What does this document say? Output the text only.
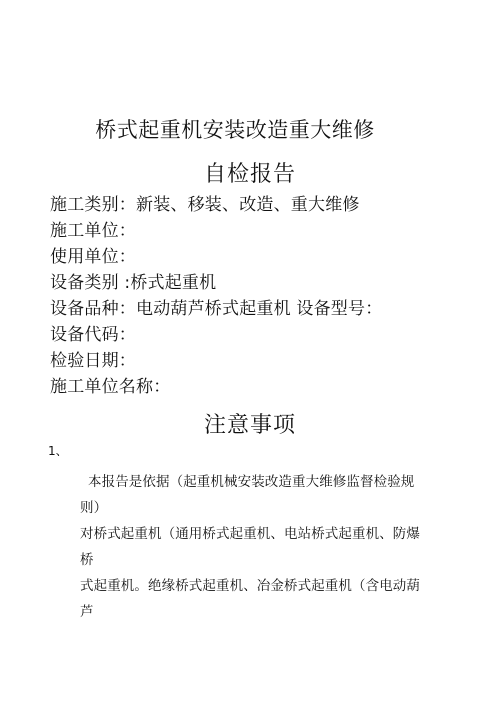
桥式起重机安装改造重大维修
自检报告
施工类别：新装、移装、改造、重大维修
施工单位：
使用单位：
设备类别 :桥式起重机
设备品种：电动葫芦桥式起重机 设备型号：
设备代码：
检验日期：
施工单位名称：
注意事项
1、
本报告是依据（起重机械安装改造重大维修监督检验规
则）
对桥式起重机（通用桥式起重机、电站桥式起重机、防爆
桥
式起重机。绝缘桥式起重机、冶金桥式起重机（含电动葫
芦
